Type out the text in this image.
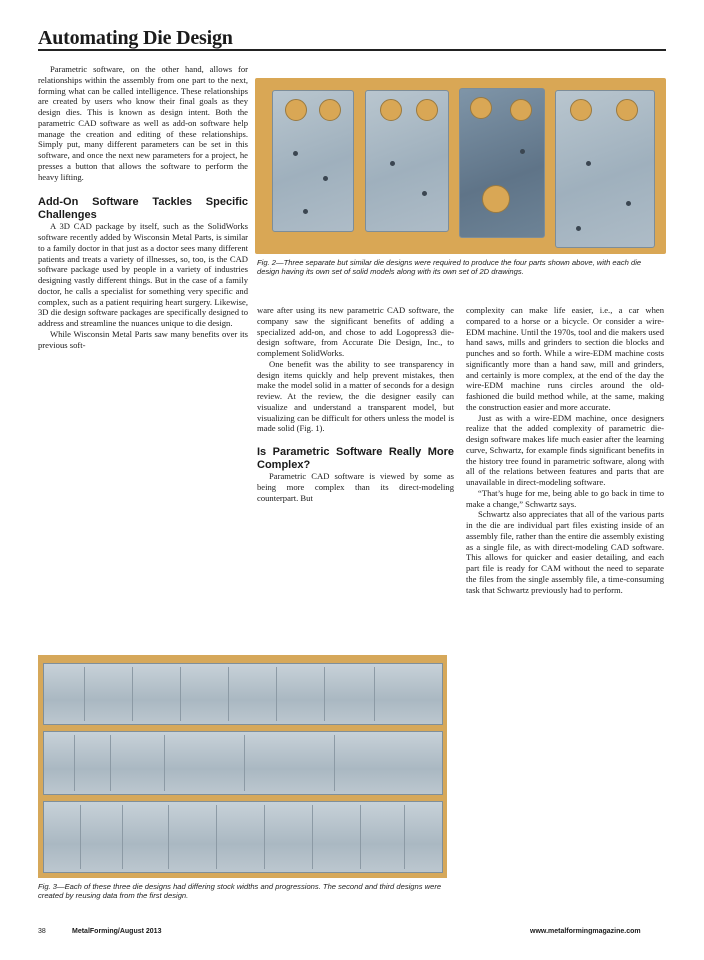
Automating Die Design

Parametric software, on the other hand, allows for relationships within the assembly from one part to the next, forming what can be called intelligence. These relationships are created by users who know their final goals as they design dies. This is known as design intent. Both the parametric CAD software as well as add-on software help manage the creation and editing of these relationships. Simply put, many different parameters can be set in this software, and once the next new parameters for a project, he presses a button that allows the software to perform the heavy lifting.

Add-On Software Tackles Specific Challenges

A 3D CAD package by itself, such as the SolidWorks software recently added by Wisconsin Metal Parts, is similar to a family doctor in that just as a doctor sees many different patients and treats a variety of illnesses, so, too, is the CAD software package used by people in a variety of industries designing vastly different things. But in the case of a family doctor, he calls a specialist for something very specific and complex, such as a patient requiring heart surgery. Likewise, 3D die design software packages are specifically designed to address and streamline the nuances unique to die design.

While Wisconsin Metal Parts saw many benefits over its previous soft-

Fig. 2—Three separate but similar die designs were required to produce the four parts shown above, with each die design having its own set of solid models along with its own set of 2D drawings.

ware after using its new parametric CAD software, the company saw the significant benefits of adding a specialized add-on, and chose to add Logopress3 die-design software, from Accurate Die Design, Inc., to complement SolidWorks.

One benefit was the ability to see transparency in design items quickly and help prevent mistakes, then make the model solid in a matter of seconds for a design review. At the review, the die designer easily can visualize and understand a transparent model, but visualizing can be difficult for others unless the model is made solid (Fig. 1).

Is Parametric Software Really More Complex?

Parametric CAD software is viewed by some as being more complex than its direct-modeling counterpart. But

complexity can make life easier, i.e., a car when compared to a horse or a bicycle. Or consider a wire-EDM machine. Until the 1970s, tool and die makers used hand saws, mills and grinders to section die blocks and punches and so forth. While a wire-EDM machine costs significantly more than a hand saw, mill and grinders, and certainly is more complex, at the end of the day the wire-EDM machine runs circles around the old-fashioned die build method while, at the same, making the construction easier and more accurate.

Just as with a wire-EDM machine, once designers realize that the added complexity of parametric die-design software makes life much easier after the learning curve, Schwartz, for example finds significant benefits in the history tree found in parametric software, along with all of the relations between features and parts that are unavailable in direct-modeling software.

“That’s huge for me, being able to go back in time to make a change,” Schwartz says.

Schwartz also appreciates that all of the various parts in the die are individual part files existing inside of an assembly file, rather than the entire die assembly existing as a single file, as with direct-modeling CAD software. This allows for quicker and easier detailing, and each part file is ready for CAM without the need to separate the files from the single assembly file, a time-consuming task that Schwartz previously had to perform.

Fig. 3—Each of these three die designs had differing stock widths and progressions. The second and third designs were created by reusing data from the first design.
38	MetalForming/August 2013	www.metalformingmagazine.com
